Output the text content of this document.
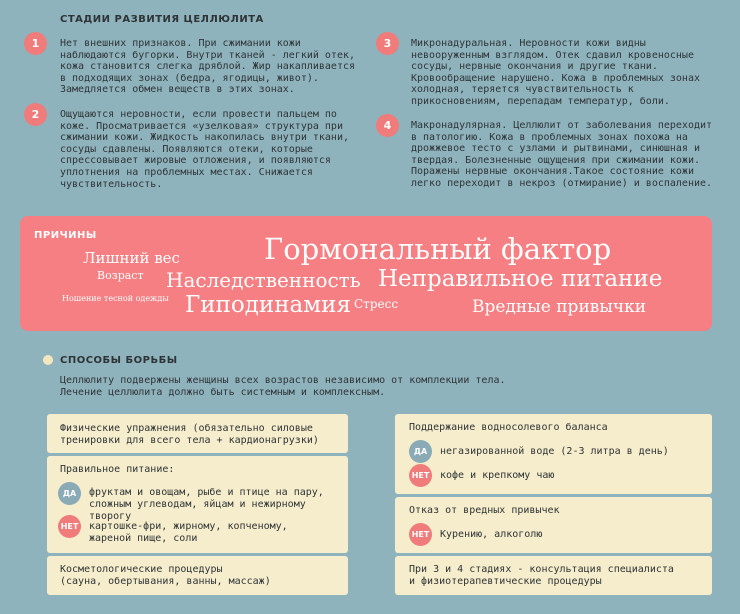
СТАДИИ РАЗВИТИЯ ЦЕЛЛЮЛИТА
1	Нет внешних признаков. При сжимании кожи наблюдаются бугорки. Внутри тканей - легкий отек, кожа становится слегка дряблой. Жир накапливается в подходящих зонах (бедра, ягодицы, живот). Замедляется обмен веществ в этих зонах.
2	Ощущаются неровности, если провести пальцем по коже. Просматривается «узелковая» структура при сжимании кожи. Жидкость накопилась внутри ткани, сосуды сдавлены. Появляются отеки, которые спрессовывает жировые отложения, и появляются уплотнения на проблемных местах. Снижается чувствительность.
3	Микронадуральная. Неровности кожи видны невооруженным взглядом. Отек сдавил кровеносные сосуды, нервные окончания и другие ткани. Кровообращение нарушено. Кожа в проблемных зонах холодная, теряется чувствительность к прикосновениям, перепадам температур, боли.
4	Макронадулярная. Целлюлит от заболевания переходит в патологию. Кожа в проблемных зонах похожа на дрожжевое тесто с узлами и рытвинами, синюшная и твердая. Болезненные ощущения при сжимании кожи. Поражены нервные окончания.Такое состояние кожи легко переходит в некроз (отмирание) и воспаление.
ПРИЧИНЫ	Гормональный фактор
Лишний вес
Возраст Наследственность Неправильное питание
Ношение тесной одежды Гиподинамия Стресс	Вредные привычки
СПОСОБЫ БОРЬБЫ
Целлюлиту подвержены женщины всех возрастов независимо от комплекции тела.
Лечение целлюлита должно быть системным и комплексным.

Физические упражнения (обязательно силовые

тренировки для всего тела + кардионагрузки)

Правильное питание:

ДА	фруктам и овощам, рыбе и птице на пару,

сложным углеводам, яйцам и нежирному творогу

НЕТ картошке-фри, жирному, копченому,

жареной пище, соли

Косметологические процедуры

(сауна, обертывания, ванны, массаж)

Поддержание водносолевого баланса

ДА	негазированной воде (2-3 литра в день)

НЕТ кофе и крепкому чаю

Отказ от вредных привычек

НЕТ Курению, алкоголю

При 3 и 4 стадиях - консультация специалиста

и физиотерапевтические процедуры
